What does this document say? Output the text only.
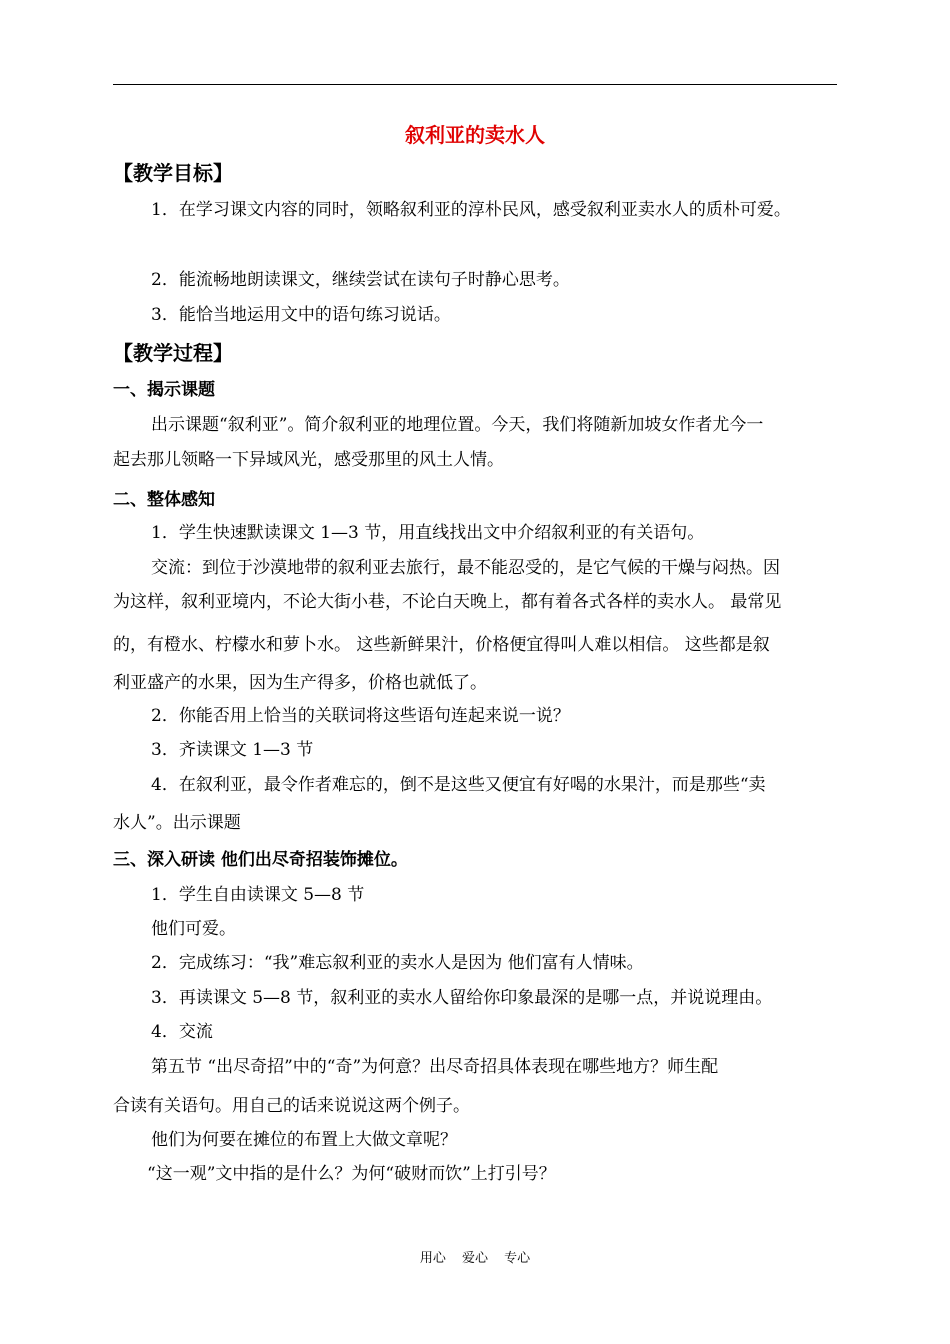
叙利亚的卖水人
【教学目标】
1．在学习课文内容的同时，领略叙利亚的淳朴民风，感受叙利亚卖水人的质朴可爱。
2．能流畅地朗读课文，继续尝试在读句子时静心思考。
3．能恰当地运用文中的语句练习说话。
【教学过程】
一、揭示课题
出示课题“叙利亚”。简介叙利亚的地理位置。今天，我们将随新加坡女作者尤今一
起去那儿领略一下异域风光，感受那里的风土人情。
二、整体感知
1．学生快速默读课文 1—3 节，用直线找出文中介绍叙利亚的有关语句。
交流：到位于沙漠地带的叙利亚去旅行，最不能忍受的，是它气候的干燥与闷热。因
为这样，叙利亚境内，不论大街小巷，不论白天晚上，都有着各式各样的卖水人。 最常见
的，有橙水、柠檬水和萝卜水。 这些新鲜果汁，价格便宜得叫人难以相信。 这些都是叙
利亚盛产的水果，因为生产得多，价格也就低了。
2．你能否用上恰当的关联词将这些语句连起来说一说？
3．齐读课文 1—3 节
4．在叙利亚，最令作者难忘的，倒不是这些又便宜有好喝的水果汁，而是那些“卖
水人”。出示课题
三、深入研读 他们出尽奇招装饰摊位。
1．学生自由读课文 5—8 节
他们可爱。
2．完成练习：“我”难忘叙利亚的卖水人是因为 他们富有人情味。
3．再读课文 5—8 节，叙利亚的卖水人留给你印象最深的是哪一点，并说说理由。
4．交流
第五节 “出尽奇招”中的“奇”为何意？出尽奇招具体表现在哪些地方？师生配
合读有关语句。用自己的话来说说这两个例子。
他们为何要在摊位的布置上大做文章呢？
“这一观”文中指的是什么？为何“破财而饮”上打引号？
用心 爱心 专心
